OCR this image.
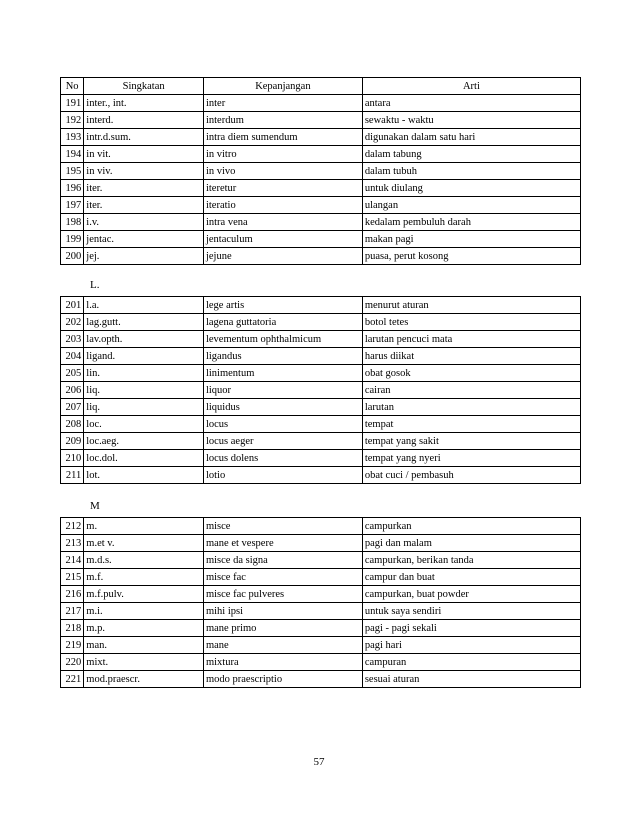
No	Singkatan	Kepanjangan	Arti
191	inter., int.	inter	antara
192	interd.	interdum	sewaktu - waktu
193	intr.d.sum.	intra diem sumendum	digunakan dalam satu hari
194	in vit.	in vitro	dalam tabung
195	in viv.	in vivo	dalam tubuh
196	iter.	iteretur	untuk diulang
197	iter.	iteratio	ulangan
198	i.v.	intra vena	kedalam pembuluh darah
199	jentac.	jentaculum	makan pagi
200	jej.	jejune	puasa, perut kosong
L.
201	l.a.	lege artis	menurut aturan
202	lag.gutt.	lagena guttatoria	botol tetes
203	lav.opth.	levementum ophthalmicum	larutan pencuci mata
204	ligand.	ligandus	harus diikat
205	lin.	linimentum	obat gosok
206	liq.	liquor	cairan
207	liq.	liquidus	larutan
208	loc.	locus	tempat
209	loc.aeg.	locus aeger	tempat yang sakit
210	loc.dol.	locus dolens	tempat yang nyeri
211	lot.	lotio	obat cuci / pembasuh
M
212	m.	misce	campurkan
213	m.et v.	mane et vespere	pagi dan malam
214	m.d.s.	misce da signa	campurkan, berikan tanda
215	m.f.	misce fac	campur dan buat
216	m.f.pulv.	misce fac pulveres	campurkan, buat powder
217	m.i.	mihi ipsi	untuk saya sendiri
218	m.p.	mane primo	pagi - pagi sekali
219	man.	mane	pagi hari
220	mixt.	mixtura	campuran
221	mod.praescr.	modo praescriptio	sesuai aturan
57
